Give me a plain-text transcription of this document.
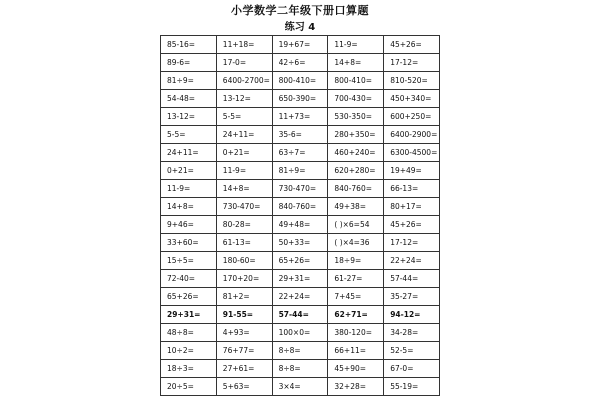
小学数学二年级下册口算题
练习 4
85-16=	11+18=	19+67=	11-9=	45+26=
89-6=	17-0=	42÷6=	14+8=	17-12=
81÷9=	6400-2700=	800-410=	800-410=	810-520=
54-48=	13-12=	650-390=	700-430=	450+340=
13-12=	5-5=	11+73=	530-350=	600+250=
5-5=	24+11=	35-6=	280+350=	6400-2900=
24+11=	0+21=	63÷7=	460+240=	6300-4500=
0+21=	11-9=	81÷9=	620+280=	19+49=
11-9=	14+8=	730-470=	840-760=	66-13=
14+8=	730-470=	840-760=	49+38=	80+17=
9+46=	80-28=	49+48=	( )×6=54	45+26=
33+60=	61-13=	50+33=	( )×4=36	17-12=
15÷5=	180-60=	65+26=	18÷9=	22+24=
72-40=	170+20=	29+31=	61-27=	57-44=
65+26=	81+2=	22+24=	7+45=	35-27=
29+31=	91-55=	57-44=	62+71=	94-12=
48÷8=	4+93=	100×0=	380-120=	34-28=
10÷2=	76+77=	8÷8=	66+11=	52-5=
18÷3=	27+61=	8÷8=	45+90=	67-0=
20÷5=	5+63=	3×4=	32+28=	55-19=
